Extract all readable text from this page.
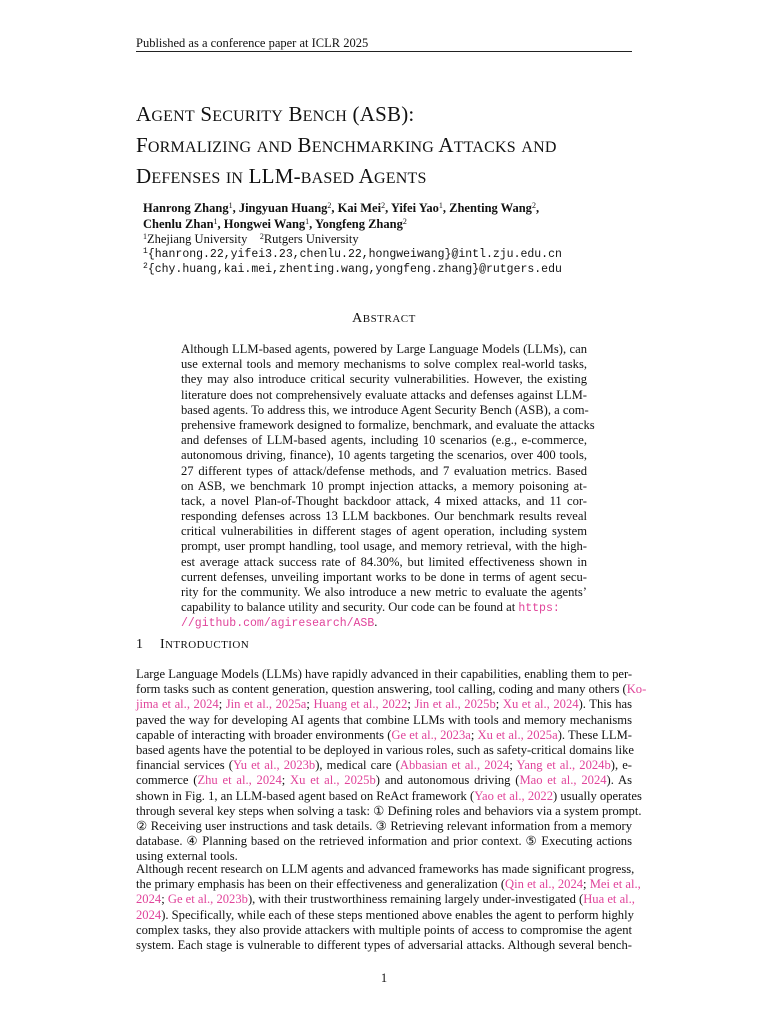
Published as a conference paper at ICLR 2025
AGENT SECURITY BENCH (ASB):
FORMALIZING AND BENCHMARKING ATTACKS AND
DEFENSES IN LLM-BASED AGENTS
Hanrong Zhang$^1$, Jingyuan Huang$^2$, Kai Mei$^2$, Yifei Yao$^1$, Zhenting Wang$^2$,
Chenlu Zhan$^1$, Hongwei Wang$^1$, Yongfeng Zhang$^2$
$^1$Zhejiang University $^2$Rutgers University
$^1${hanrong.22,yifei3.23,chenlu.22,hongweiwang}@intl.zju.edu.cn
$^2${chy.huang,kai.mei,zhenting.wang,yongfeng.zhang}@rutgers.edu
ABSTRACT
Although LLM-based agents, powered by Large Language Models (LLMs), can
use external tools and memory mechanisms to solve complex real-world tasks,
they may also introduce critical security vulnerabilities. However, the existing
literature does not comprehensively evaluate attacks and defenses against LLM-
based agents. To address this, we introduce Agent Security Bench (ASB), a com-
prehensive framework designed to formalize, benchmark, and evaluate the attacks
and defenses of LLM-based agents, including 10 scenarios (e.g., e-commerce,
autonomous driving, finance), 10 agents targeting the scenarios, over 400 tools,
27 different types of attack/defense methods, and 7 evaluation metrics. Based
on ASB, we benchmark 10 prompt injection attacks, a memory poisoning at-
tack, a novel Plan-of-Thought backdoor attack, 4 mixed attacks, and 11 cor-
responding defenses across 13 LLM backbones. Our benchmark results reveal
critical vulnerabilities in different stages of agent operation, including system
prompt, user prompt handling, tool usage, and memory retrieval, with the high-
est average attack success rate of 84.30%, but limited effectiveness shown in
current defenses, unveiling important works to be done in terms of agent secu-
rity for the community. We also introduce a new metric to evaluate the agents’
capability to balance utility and security. Our code can be found at https:
//github.com/agiresearch/ASB.
1 INTRODUCTION
Large Language Models (LLMs) have rapidly advanced in their capabilities, enabling them to per-
form tasks such as content generation, question answering, tool calling, coding and many others (Ko-
jima et al., 2024; Jin et al., 2025a; Huang et al., 2022; Jin et al., 2025b; Xu et al., 2024). This has
paved the way for developing AI agents that combine LLMs with tools and memory mechanisms
capable of interacting with broader environments (Ge et al., 2023a; Xu et al., 2025a). These LLM-
based agents have the potential to be deployed in various roles, such as safety-critical domains like
financial services (Yu et al., 2023b), medical care (Abbasian et al., 2024; Yang et al., 2024b), e-
commerce (Zhu et al., 2024; Xu et al., 2025b) and autonomous driving (Mao et al., 2024). As
shown in Fig. 1, an LLM-based agent based on ReAct framework (Yao et al., 2022) usually operates
through several key steps when solving a task: ① Defining roles and behaviors via a system prompt.
② Receiving user instructions and task details. ③ Retrieving relevant information from a memory
database. ④ Planning based on the retrieved information and prior context. ⑤ Executing actions
using external tools.
Although recent research on LLM agents and advanced frameworks has made significant progress,
the primary emphasis has been on their effectiveness and generalization (Qin et al., 2024; Mei et al.,
2024; Ge et al., 2023b), with their trustworthiness remaining largely under-investigated (Hua et al.,
2024). Specifically, while each of these steps mentioned above enables the agent to perform highly
complex tasks, they also provide attackers with multiple points of access to compromise the agent
system. Each stage is vulnerable to different types of adversarial attacks. Although several bench-
1
